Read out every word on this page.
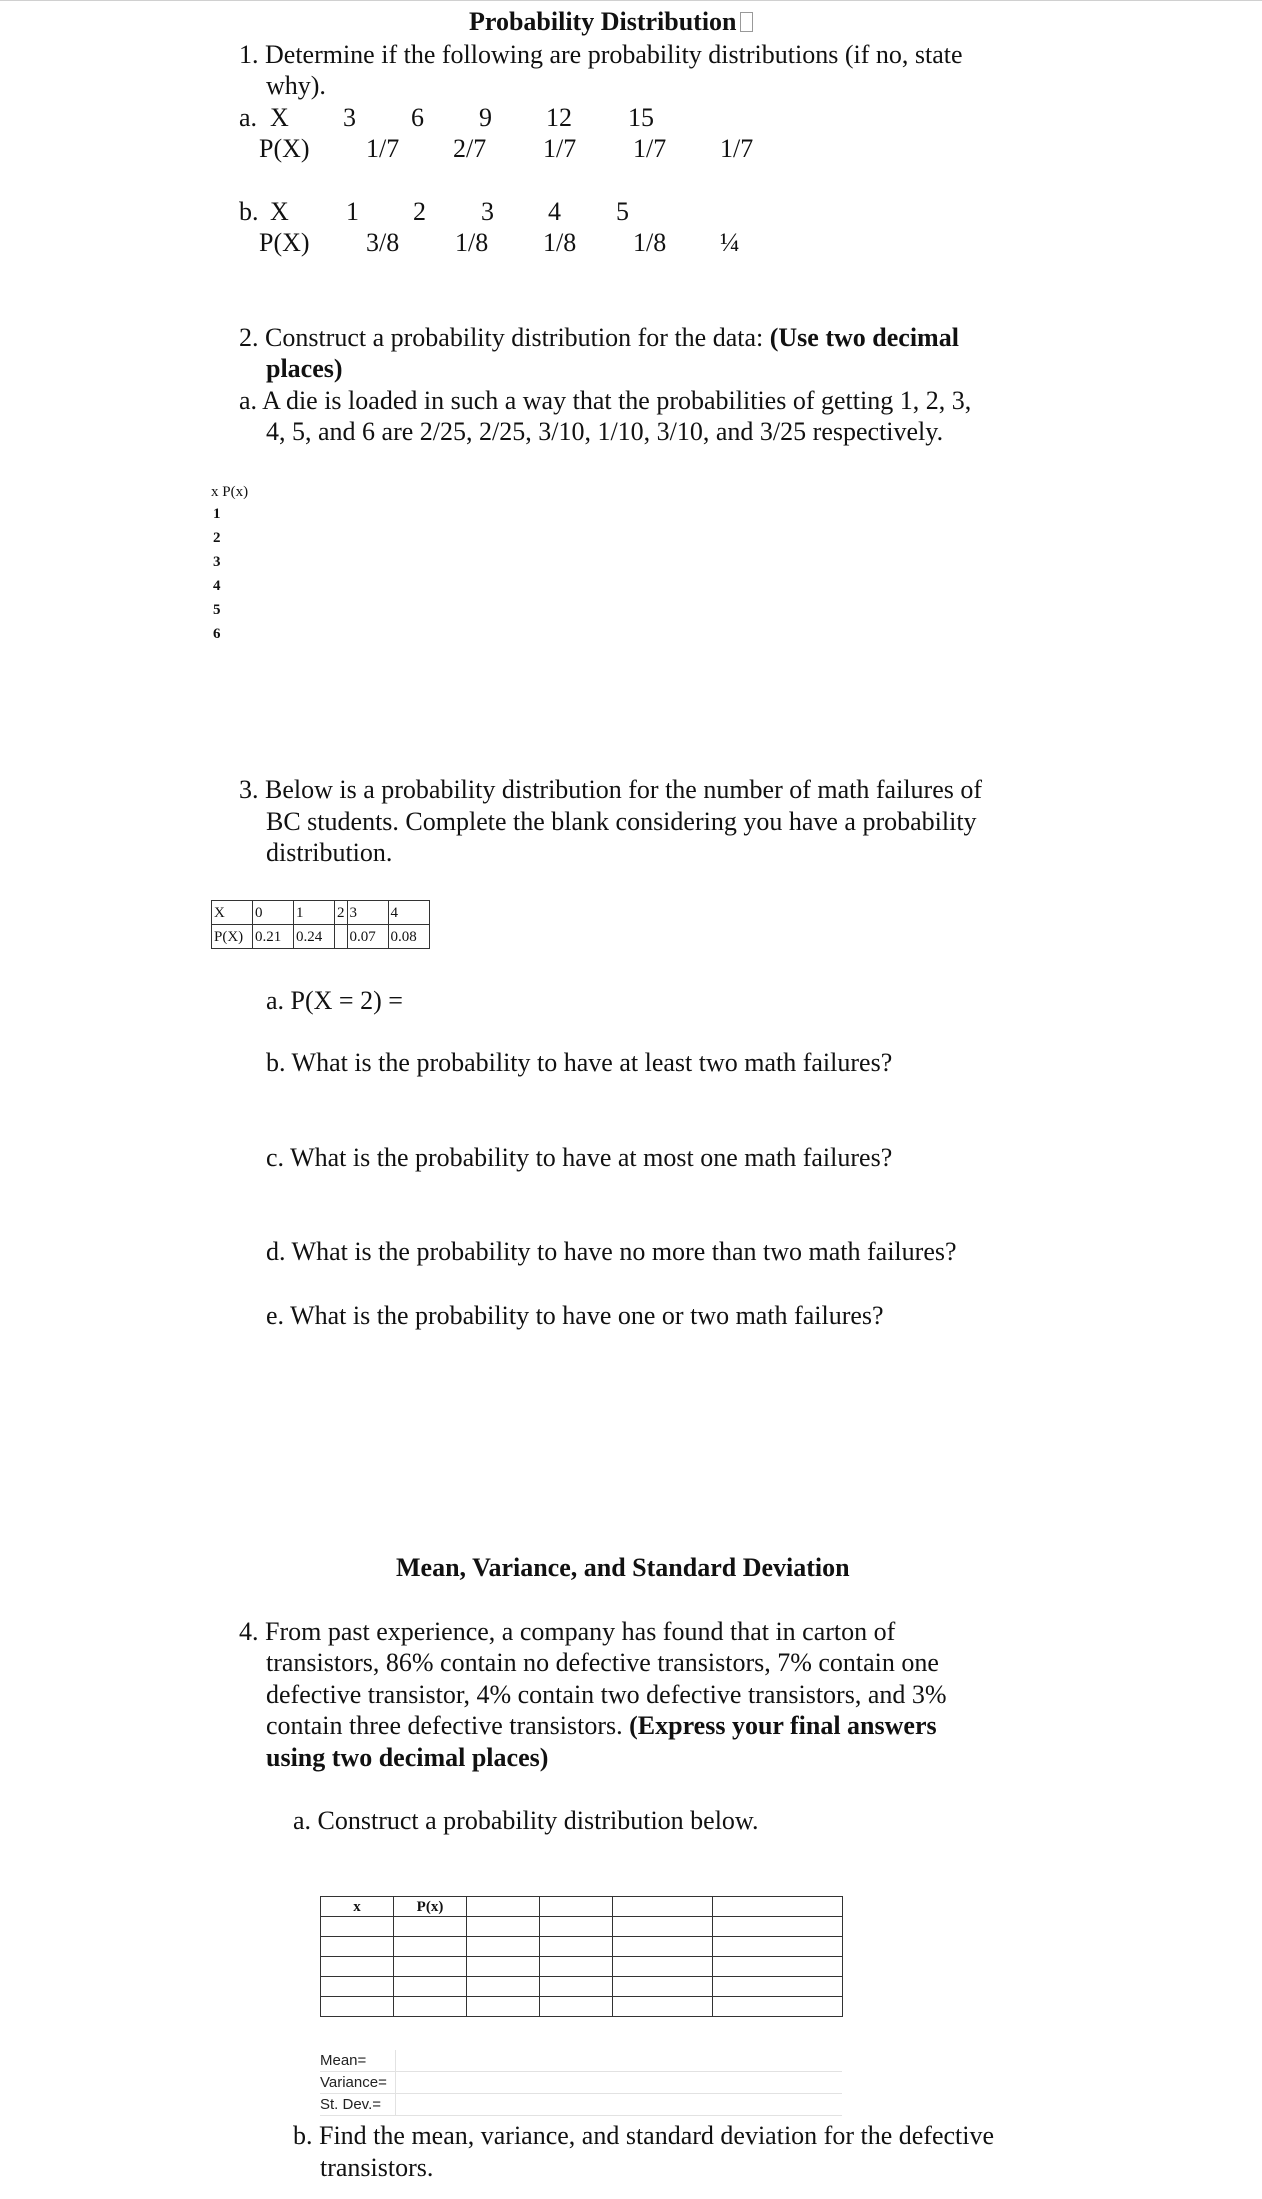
Probability Distribution
1. Determine if the following are probability distributions (if no, state
why).
a. X 3 6 9 12 15
P(X) 1/7 2/7 1/7 1/7 1/7
b. X 1 2 3 4 5
P(X) 3/8 1/8 1/8 1/8 ¼
2. Construct a probability distribution for the data: (Use two decimal
places)
a. A die is loaded in such a way that the probabilities of getting 1, 2, 3,
4, 5, and 6 are 2/25, 2/25, 3/10, 1/10, 3/10, and 3/25 respectively.
x P(x)
1
2
3
4
5
6
3. Below is a probability distribution for the number of math failures of
BC students. Complete the blank considering you have a probability
distribution.
X	0	1	2	3	4
P(X)	0.21	0.24		0.07	0.08
a. P(X = 2) =
b. What is the probability to have at least two math failures?
c. What is the probability to have at most one math failures?
d. What is the probability to have no more than two math failures?
e. What is the probability to have one or two math failures?
Mean, Variance, and Standard Deviation
4. From past experience, a company has found that in carton of
transistors, 86% contain no defective transistors, 7% contain one
defective transistor, 4% contain two defective transistors, and 3%
contain three defective transistors. (Express your final answers
using two decimal places)
a. Construct a probability distribution below.
x	P(x)				

Mean=
Variance=
St. Dev.=
b. Find the mean, variance, and standard deviation for the defective
transistors.
